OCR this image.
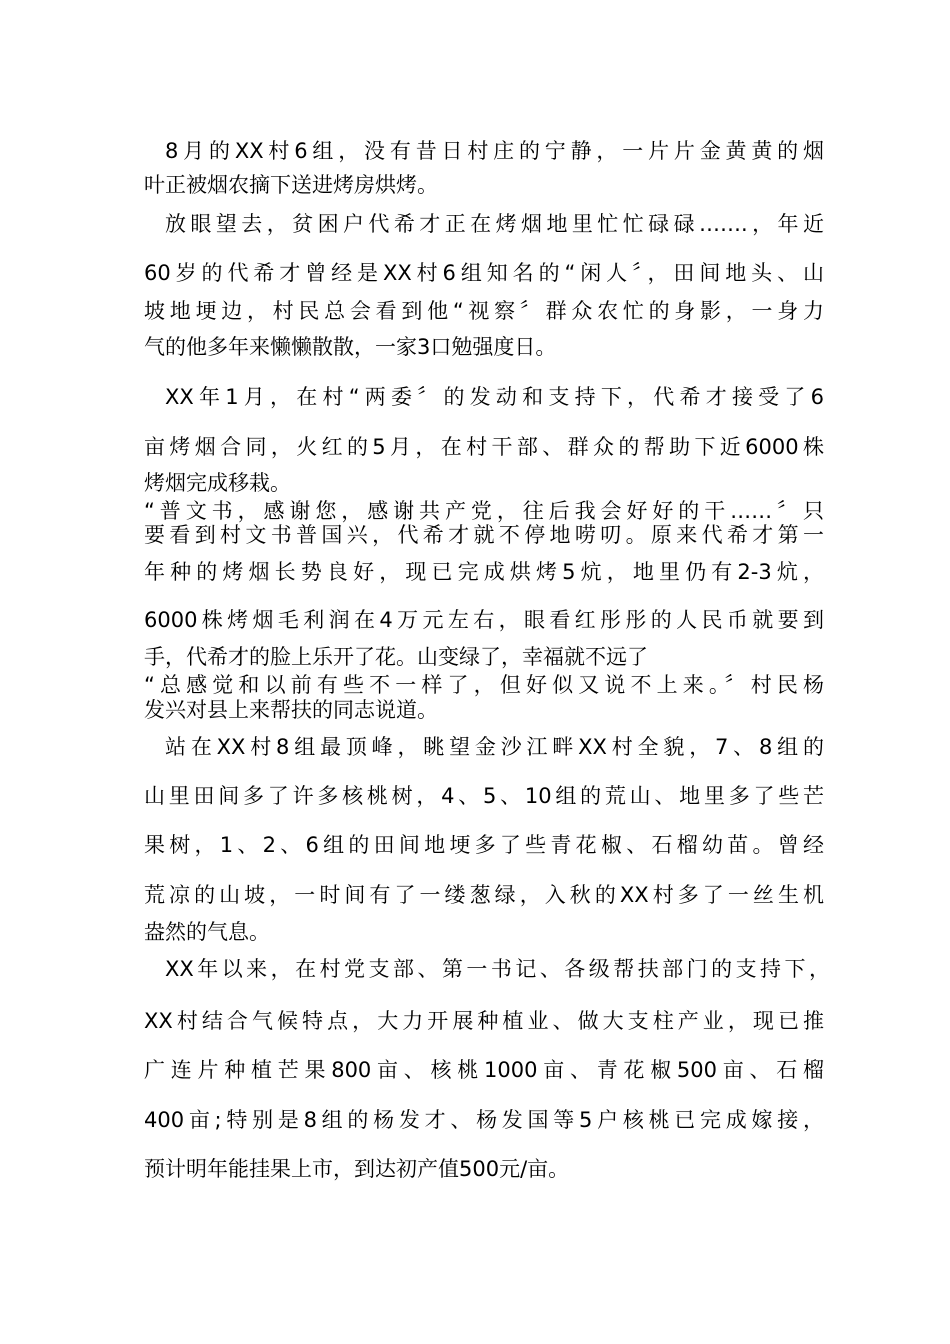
8月的XX村6组，没有昔日村庄的宁静，一片片金黄黄的烟
叶正被烟农摘下送进烤房烘烤。
放眼望去，贫困户代希才正在烤烟地里忙忙碌碌…….，年近
60岁的代希才曾经是XX村6组知名的“闲人〞，田间地头、山
坡地埂边，村民总会看到他“视察〞群众农忙的身影，一身力
气的他多年来懒懒散散，一家3口勉强度日。
XX年1月，在村“两委〞的发动和支持下，代希才接受了6
亩烤烟合同，火红的5月，在村干部、群众的帮助下近6000株
烤烟完成移栽。
“普文书，感谢您，感谢共产党，往后我会好好的干……〞只
要看到村文书普国兴，代希才就不停地唠叨。原来代希才第一
年种的烤烟长势良好，现已完成烘烤5炕，地里仍有2-3炕，
6000株烤烟毛利润在4万元左右，眼看红彤彤的人民币就要到
手，代希才的脸上乐开了花。山变绿了，幸福就不远了
“总感觉和以前有些不一样了，但好似又说不上来。〞村民杨
发兴对县上来帮扶的同志说道。
站在XX村8组最顶峰，眺望金沙江畔XX村全貌，7、8组的
山里田间多了许多核桃树，4、5、10组的荒山、地里多了些芒
果树，1、2、6组的田间地埂多了些青花椒、石榴幼苗。曾经
荒凉的山坡，一时间有了一缕葱绿，入秋的XX村多了一丝生机
盎然的气息。
XX年以来，在村党支部、第一书记、各级帮扶部门的支持下，
XX村结合气候特点，大力开展种植业、做大支柱产业，现已推
广连片种植芒果800亩、核桃1000亩、青花椒500亩、石榴
400亩;特别是8组的杨发才、杨发国等5户核桃已完成嫁接，
预计明年能挂果上市，到达初产值500元/亩。
